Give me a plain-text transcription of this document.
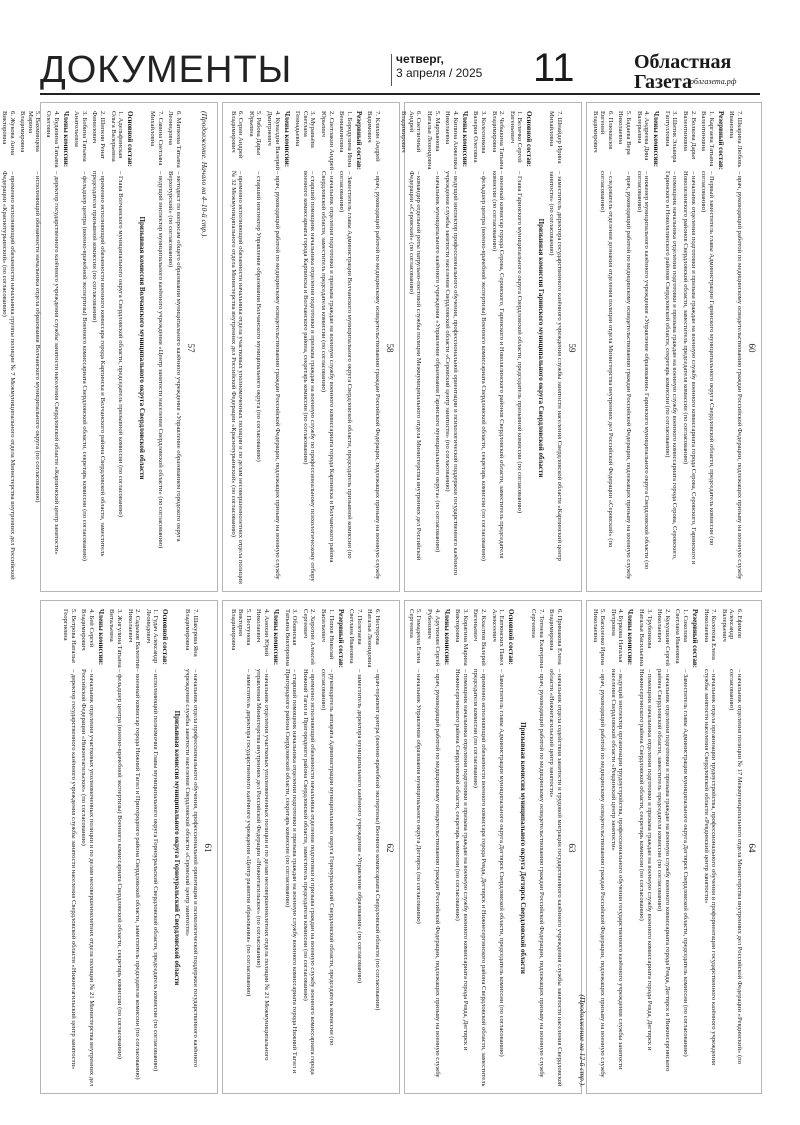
ДОКУМЕНТЫ	четверг,
3 апреля / 2025 11	Областная
Газета
облгазета.рф
(Продолжение. Начало на 4–10-й стр.).
57
6. Матвеева Татьяна Леонидовна
– методист по вопросам общего образования муниципального казённого учреждения «Управление образованием городского округа Верхотурский» (по согласованию)
7. Савина Светлана Михайловна
– ведущий инспектор муниципального казённого учреждения «Центр занятости населения Свердловской области» (по согласованию)
Призывная комиссия Волчанского муниципального округа Свердловской области
Основной состав:
1. Адельфинская Ольга Валерьевна
– Глава Волчанского муниципального округа Свердловской области, председатель призывной комиссии (по согласованию)
2. Шипкин Ренат Финилович
– временно исполняющий обязанности военного комиссара города Карпинска и Волчанского района Свердловской области, заместитель председателя призывной комиссии (по согласованию)
3. Бобина Татьяна Анатольевна
– фельдшер центра (военно-врачебной экспертизы) Военного комиссариата Свердловской области, секретарь комиссии (по согласованию)
Члены комиссии:
4. Буданина Татьяна Олеговна
– директор государственного казённого учреждения службы занятости населения Свердловской области «Карпинский центр занятости»
5. Вахминцева Марина Владимировна
– исполняющий обязанности начальника отдела образования Волчанского муниципального округа (по согласованию)
6. Жукова Анна Викторовна
– временно исполняющий обязанности начальника группы полиции № 7 Межмуниципального отдела Министерства внутренних дел Российской Федерации «Краснотурьинский» (по согласованию)
58
7. Кляхин Андрей Вадимович
– врач, руководящий работой по медицинскому освидетельствованию граждан Российской Федерации, подлежащих призыву на военную службу
Резервный состав:
1. Бородулина Инна Вениаминовна
– Заместитель главы Администрации Волчанского муниципального округа Свердловской области, председатель призывной комиссии (по согласованию)
2. Светлакин Андрей Юрьевич
– начальник отделения подготовки и призыва граждан на военную службу военного комиссариата города Карпинска и Волчанского района Свердловской области, заместитель председателя комиссии (по согласованию)
3. Муравьёва Светлана Геннадьевна
– старший помощник начальника отделения подготовки и призыва граждан на военную службу по профессиональному психологическому отбору военного комиссариата города Карпинска и Волчанского района, секретарь комиссии (по согласованию)
Члены комиссии:
4. Кувалдин Валерий Дмитриевич
– врач, руководящий работой по медицинскому освидетельствованию граждан Российской Федерации, подлежащих призыву на военную службу
5. Рябова Дарья Юрьевна
– старший инспектор Управления образования Волчанского муниципального округа (по согласованию)
6. Серин Андрей Владимирович
– временно исполняющий обязанности начальника отдела участковых уполномоченных полиции и по делам несовершеннолетних отдела полиции № 32 Межмуниципального отдела Министерства внутренних дел Российской Федерации «Краснотурьинский» (по согласованию)	59
7. Шнайдер Ирина Михайловна
– заместитель директора государственного казённого учреждения службы занятости населения Свердловской области «Карпинский центр занятости» (по согласованию)
Призывная комиссия Гаринского муниципального округа Свердловской области
Основной состав:
1. Величко Сергей Евгеньевич
– Глава Гаринского муниципального округа Свердловской области, председатель призывной комиссии (по согласованию)
2. Чебыкина Татьяна Владимировна
– военный комиссар города Серова, Серовского, Гаринского и Новолялинского районов Свердловской области, заместитель председателя комиссии (по согласованию)
3. Колесникова Валерия Олеговна
– фельдшер центра (военно-врачебной экспертизы) Военного комиссариата Свердловской области, секретарь комиссии (по согласованию)
Члены комиссии:
4. Кипина Анжелика Николаевна
– ведущий инспектор профессионального обучения, профессиональной ориентации и психологической поддержки государственного казённого учреждения службы занятости населения Свердловской области «Серовский центр занятости» (по согласованию)
5. Мартьянова Наталья Леонидовна
– начальник муниципального казённого учреждения «Управление образования Гаринского муниципального округа» (по согласованию)
6. Светличный Андрей Владимирович
– командир отдельной роты патрульно-постовой службы полиции Межмуниципального отдела Министерства внутренних дел Российской Федерации «Серовский» (по согласованию)
60
7. Шкарина Любовь Ивановна
– врач, руководящий работой по медицинскому освидетельствованию граждан Российской Федерации, подлежащих призыву на военную службу
Резервный состав:
1. Каргаева Татьяна Валентиновна
– Первый заместитель главы Администрации Гаринского муниципального округа Свердловской области, председатель комиссии (по согласованию)
2. Волкова Дарья Валентиновна
– начальник отделения подготовки и призыва граждан на военную службу военного комиссариата города Серова, Серовского, Гаринского и Новолялинского районов Свердловской области, заместитель председателя комиссии (по согласованию)
3. Шитик Эльвира Гаптулловна
– помощник начальника отделения подготовки и призыва граждан на военную службу военного комиссариата города Серова, Серовского, Гаринского и Новолялинского районов Свердловской области, секретарь комиссии (по согласованию)
Члены комиссии:
4. Андреева Дина Валерьевна
– инженер муниципального казённого учреждения «Управление образования» Гаринского муниципального округа Свердловской области (по согласованию)
5. Бадаева Вера Николаевна
– врач, руководящий работой по медицинскому освидетельствованию граждан Российской Федерации, подлежащих призыву на военную службу
6. Плюквалов Евгений Владимирович
– следователь отделения дознания отделения полиции отдела Министерства внутренних дел Российской Федерации «Серовский» (по согласованию)
61
7. Шакурова Яна Владимировна
– начальник отдела профессионального обучения, профессиональной ориентации и психологической поддержки государственного казённого учреждения службы занятости населения Свердловской области «Серовский центр занятости»
Призывная комиссия муниципального округа Горноуральский Свердловской области
Основной состав:
1. Гудач Александр Леонидович
– исполняющий полномочия Главы муниципального округа Горноуральский Свердловской области, председатель комиссии (по согласованию)
2. Садыков Валентин Николаевич
– военный комиссар города Нижний Тагил и Пригородного района Свердловской области, заместитель председателя комиссии (по согласованию)
3. Жигулина Татьяна Витальевна
– фельдшер центра (военно-врачебной экспертизы) Военного комиссариата Свердловской области, секретарь комиссии (по согласованию)
Члены комиссии:
4. Бей Сергей Владимирович
– начальник отделения участковых уполномоченных полиции и по делам несовершеннолетних отдела полиции № 21 Министерства внутренних дел Российской Федерации «Нижнетагильское» (по согласованию)
5. Ветрова Наталья Георгиевна
– директор государственного казённого учреждения службы занятости населения Свердловской области «Нижнетагильский центр занятости»	62
6. Нестерова Наталья Леонидовна
– врач-терапевт центра (военно-врачебной экспертизы) Военного комиссариата Свердловской области (по согласованию)
7. Полетаева Светлана Ивановна
– заместитель директора муниципального казённого учреждения «Управление образования» (по согласованию)
Резервный состав:
1. Попов Николай Васильевич
– руководитель аппарата Администрации муниципального округа Горноуральский Свердловской области, председатель комиссии (по согласованию)
2. Хоротин Алексей Сергеевич
– временно исполняющий обязанности начальника отделения подготовки и призыва граждан на военную службу военного комиссариата города Нижний Тагил и Пригородного района Свердловской области, заместитель председателя комиссии (по согласованию)
3. Обоянская Татьяна Викторовна
– старший помощник начальника отделения подготовки и призыва граждан на военную службу военного комиссариата города Нижний Тагил и Пригородного района Свердловской области, секретарь комиссии (по согласованию)
Члены комиссии:
4. Анохин Юрий Николаевич
– начальник отделения участковых уполномоченных полиции и по делам несовершеннолетних отдела полиции № 21 Межмуниципального управления Министерства внутренних дел Российской Федерации «Нижнетагильское» (по согласованию)
5. Пестунова Виктория Владимировна
– заместитель директора государственного казённого учреждения «Центр развития образования» (по согласованию)	63
6. Примакова Елена Владимировна
– начальник отдела содействия занятости и трудовой миграции государственного казённого учреждения службы занятости населения Свердловской области «Нижнетагильский центр занятости»
7. Тотнева Екатерина Сергеевна
– врач, руководящий работой по медицинскому освидетельствованию граждан Российской Федерации, подлежащих призыву на военную службу
Призывная комиссия муниципального округа Дегтярск Свердловской области
Основной состав:
1. Евтюнских Павел Алексеевич
– Заместитель главы Администрации муниципального округа Дегтярск Свердловской области, председатель комиссии (по согласованию)
2. Кхылтов Валерий Евгеньевич
– временно исполняющий обязанности военного комиссара города Ревда, Дегтярск и Нижнесергинского района Свердловской области, заместитель председателя комиссии (по согласованию)
3. Корягина Марина Викторовна
– помощник начальника отделения подготовки и призыва граждан на военную службу военного комиссариата города Ревда, Дегтярск и Нижнесергинского района Свердловской области, секретарь комиссии (по согласованию)
Члены комиссии:
4. Арутюнян Сергей Рубенович
– врач, руководящий работой по медицинскому освидетельствованию граждан Российской Федерации, подлежащих призыву на военную службу
5. Гимадеева Елена Сергеевна
– начальник Управления образования муниципального округа Дегтярск (по согласованию)	64
6. Ефимов Александр Валерьевич
– начальник отделения полиции № 17 Межмуниципального отдела Министерства внутренних дел Российской Федерации «Ревдинский» (по согласованию)
7. Колотова Елена Николаевна
– начальник отдела организации трудоустройства, профессионального обучения и профориентации государственного казённого учреждения службы занятости населения Свердловской области «Ревдинский центр занятости»
Резервный состав:
1. Соколова Светлана Ивановна
– Заместитель главы Администрации муниципального округа Дегтярск Свердловской области, председатель комиссии (по согласованию)
2. Кукушкин Сергей Николаевич
– начальник отделения подготовки и призыва граждан на военную службу военного комиссариата города Ревда, Дегтярск и Нижнесергинского района Свердловской области, заместитель председателя комиссии (по согласованию)
3. Трубникова Наталья Васильевна
– помощник начальника отделения подготовки и призыва граждан на военную службу военного комиссариата города Ревда, Дегтярск и Нижнесергинского района Свердловской области, секретарь комиссии (по согласованию)
Члены комиссии:
4. Буркова Наталья Петровна
– ведущий инспектор организации трудоустройства, профессионального обучения государственного казённого учреждения службы занятости населения Свердловской области «Ревдинский центр занятости»
5. Василенко Ирина Николаевна
– врач, руководящий работой по медицинскому освидетельствованию граждан Российской Федерации, подлежащих призыву на военную службу
(Продолжение на 12-й стр.).
